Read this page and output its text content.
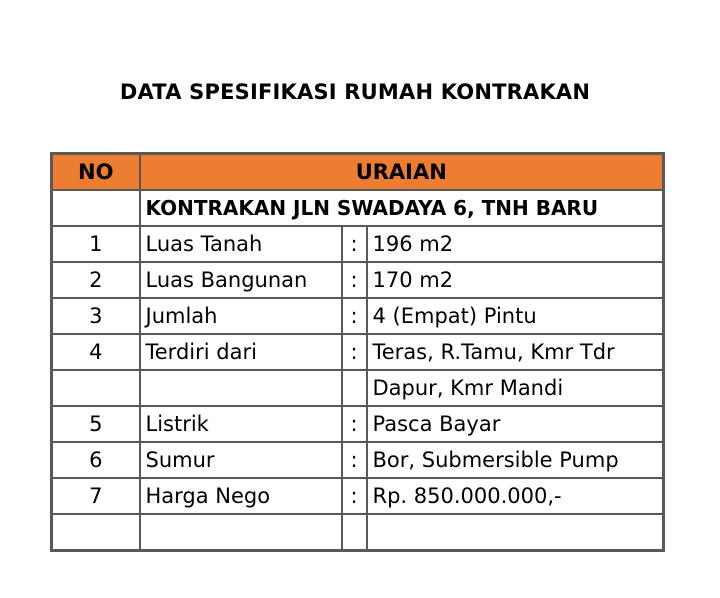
DATA SPESIFIKASI RUMAH KONTRAKAN
NO	URAIAN		
	KONTRAKAN JLN SWADAYA 6, TNH BARU		
1	Luas Tanah	:	196 m2
2	Luas Bangunan	:	170 m2
3	Jumlah	:	4 (Empat) Pintu
4	Terdiri dari	:	Teras, R.Tamu, Kmr Tdr
			Dapur, Kmr Mandi
5	Listrik	:	Pasca Bayar
6	Sumur	:	Bor, Submersible Pump
7	Harga Nego	:	Rp. 850.000.000,-
